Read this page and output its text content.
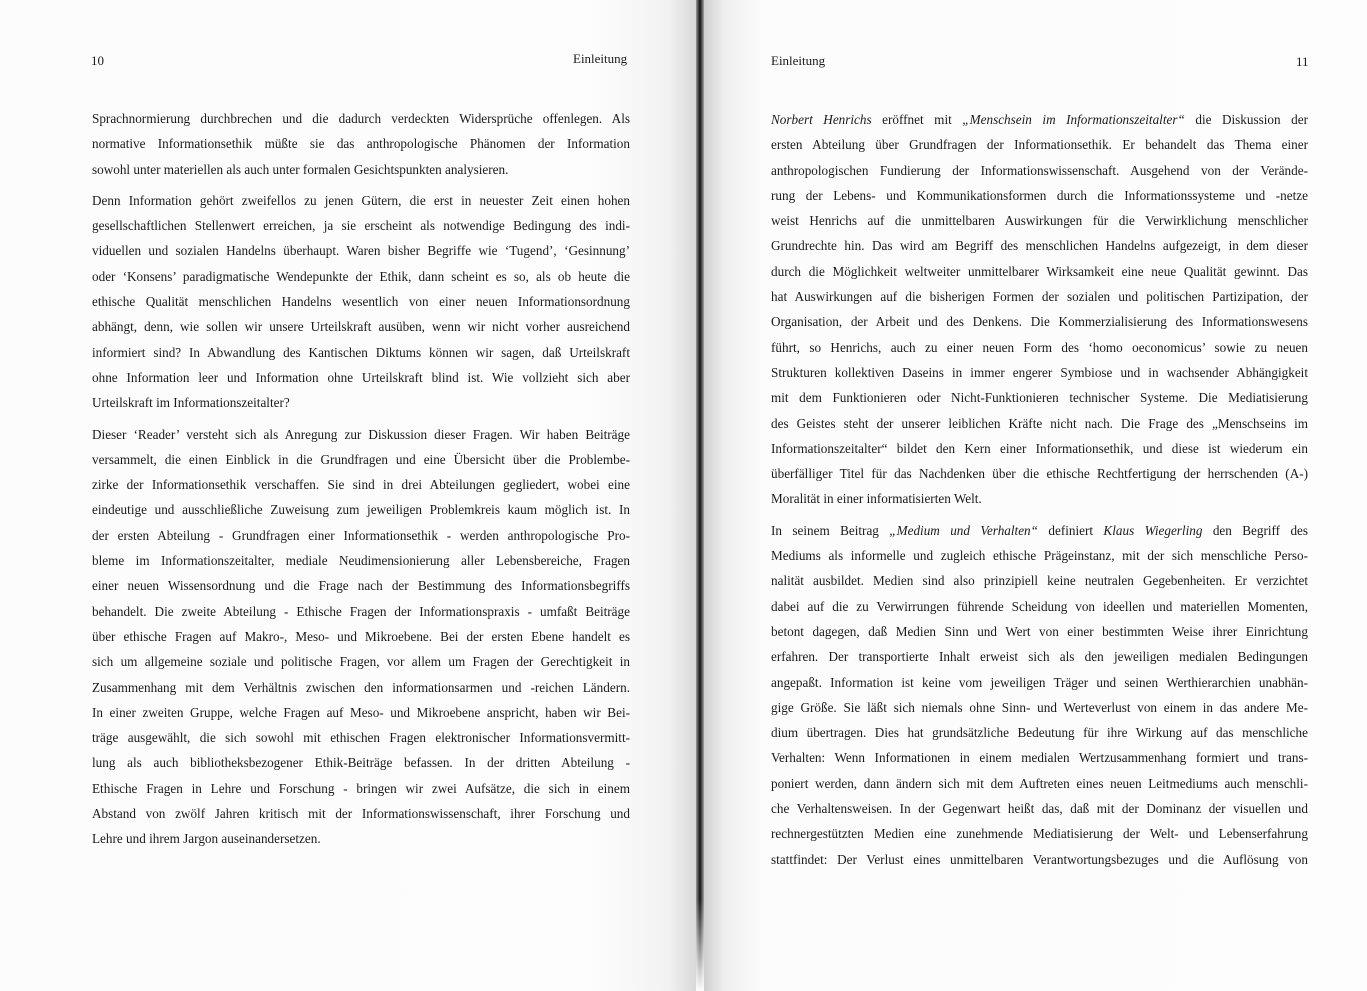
10	Einleitung

Sprachnormierung durchbrechen und die dadurch verdeckten Widersprüche offenlegen. Als
normative Informationsethik müßte sie das anthropologische Phänomen der Information
sowohl unter materiellen als auch unter formalen Gesichtspunkten analysieren.

Denn Information gehört zweifellos zu jenen Gütern, die erst in neuester Zeit einen hohen
gesellschaftlichen Stellenwert erreichen, ja sie erscheint als notwendige Bedingung des indi-
viduellen und sozialen Handelns überhaupt. Waren bisher Begriffe wie ‘Tugend’, ‘Gesinnung’
oder ‘Konsens’ paradigmatische Wendepunkte der Ethik, dann scheint es so, als ob heute die
ethische Qualität menschlichen Handelns wesentlich von einer neuen Informationsordnung
abhängt, denn, wie sollen wir unsere Urteilskraft ausüben, wenn wir nicht vorher ausreichend
informiert sind? In Abwandlung des Kantischen Diktums können wir sagen, daß Urteilskraft
ohne Information leer und Information ohne Urteilskraft blind ist. Wie vollzieht sich aber
Urteilskraft im Informationszeitalter?

Dieser ‘Reader’ versteht sich als Anregung zur Diskussion dieser Fragen. Wir haben Beiträge
versammelt, die einen Einblick in die Grundfragen und eine Übersicht über die Problembe-
zirke der Informationsethik verschaffen. Sie sind in drei Abteilungen gegliedert, wobei eine
eindeutige und ausschließliche Zuweisung zum jeweiligen Problemkreis kaum möglich ist. In
der ersten Abteilung - Grundfragen einer Informationsethik - werden anthropologische Pro-
bleme im Informationszeitalter, mediale Neudimensionierung aller Lebensbereiche, Fragen
einer neuen Wissensordnung und die Frage nach der Bestimmung des Informationsbegriffs
behandelt. Die zweite Abteilung - Ethische Fragen der Informationspraxis - umfaßt Beiträge
über ethische Fragen auf Makro-, Meso- und Mikroebene. Bei der ersten Ebene handelt es
sich um allgemeine soziale und politische Fragen, vor allem um Fragen der Gerechtigkeit in
Zusammenhang mit dem Verhältnis zwischen den informationsarmen und -reichen Ländern.
In einer zweiten Gruppe, welche Fragen auf Meso- und Mikroebene anspricht, haben wir Bei-
träge ausgewählt, die sich sowohl mit ethischen Fragen elektronischer Informationsvermitt-
lung als auch bibliotheksbezogener Ethik-Beiträge befassen. In der dritten Abteilung -
Ethische Fragen in Lehre und Forschung - bringen wir zwei Aufsätze, die sich in einem
Abstand von zwölf Jahren kritisch mit der Informationswissenschaft, ihrer Forschung und
Lehre und ihrem Jargon auseinandersetzen.

Einleitung	11

Norbert Henrichs eröffnet mit „Menschsein im Informationszeitalter“ die Diskussion der
ersten Abteilung über Grundfragen der Informationsethik. Er behandelt das Thema einer
anthropologischen Fundierung der Informationswissenschaft. Ausgehend von der Verände-
rung der Lebens- und Kommunikationsformen durch die Informationssysteme und -netze
weist Henrichs auf die unmittelbaren Auswirkungen für die Verwirklichung menschlicher
Grundrechte hin. Das wird am Begriff des menschlichen Handelns aufgezeigt, in dem dieser
durch die Möglichkeit weltweiter unmittelbarer Wirksamkeit eine neue Qualität gewinnt. Das
hat Auswirkungen auf die bisherigen Formen der sozialen und politischen Partizipation, der
Organisation, der Arbeit und des Denkens. Die Kommerzialisierung des Informationswesens
führt, so Henrichs, auch zu einer neuen Form des ‘homo oeconomicus’ sowie zu neuen
Strukturen kollektiven Daseins in immer engerer Symbiose und in wachsender Abhängigkeit
mit dem Funktionieren oder Nicht-Funktionieren technischer Systeme. Die Mediatisierung
des Geistes steht der unserer leiblichen Kräfte nicht nach. Die Frage des „Menschseins im
Informationszeitalter“ bildet den Kern einer Informationsethik, und diese ist wiederum ein
überfälliger Titel für das Nachdenken über die ethische Rechtfertigung der herrschenden (A-)
Moralität in einer informatisierten Welt.

In seinem Beitrag „Medium und Verhalten“ definiert Klaus Wiegerling den Begriff des
Mediums als informelle und zugleich ethische Prägeinstanz, mit der sich menschliche Perso-
nalität ausbildet. Medien sind also prinzipiell keine neutralen Gegebenheiten. Er verzichtet
dabei auf die zu Verwirrungen führende Scheidung von ideellen und materiellen Momenten,
betont dagegen, daß Medien Sinn und Wert von einer bestimmten Weise ihrer Einrichtung
erfahren. Der transportierte Inhalt erweist sich als den jeweiligen medialen Bedingungen
angepaßt. Information ist keine vom jeweiligen Träger und seinen Werthierarchien unabhän-
gige Größe. Sie läßt sich niemals ohne Sinn- und Werteverlust von einem in das andere Me-
dium übertragen. Dies hat grundsätzliche Bedeutung für ihre Wirkung auf das menschliche
Verhalten: Wenn Informationen in einem medialen Wertzusammenhang formiert und trans-
poniert werden, dann ändern sich mit dem Auftreten eines neuen Leitmediums auch menschli-
che Verhaltensweisen. In der Gegenwart heißt das, daß mit der Dominanz der visuellen und
rechnergestützten Medien eine zunehmende Mediatisierung der Welt- und Lebenserfahrung
stattfindet: Der Verlust eines unmittelbaren Verantwortungsbezuges und die Auflösung von
